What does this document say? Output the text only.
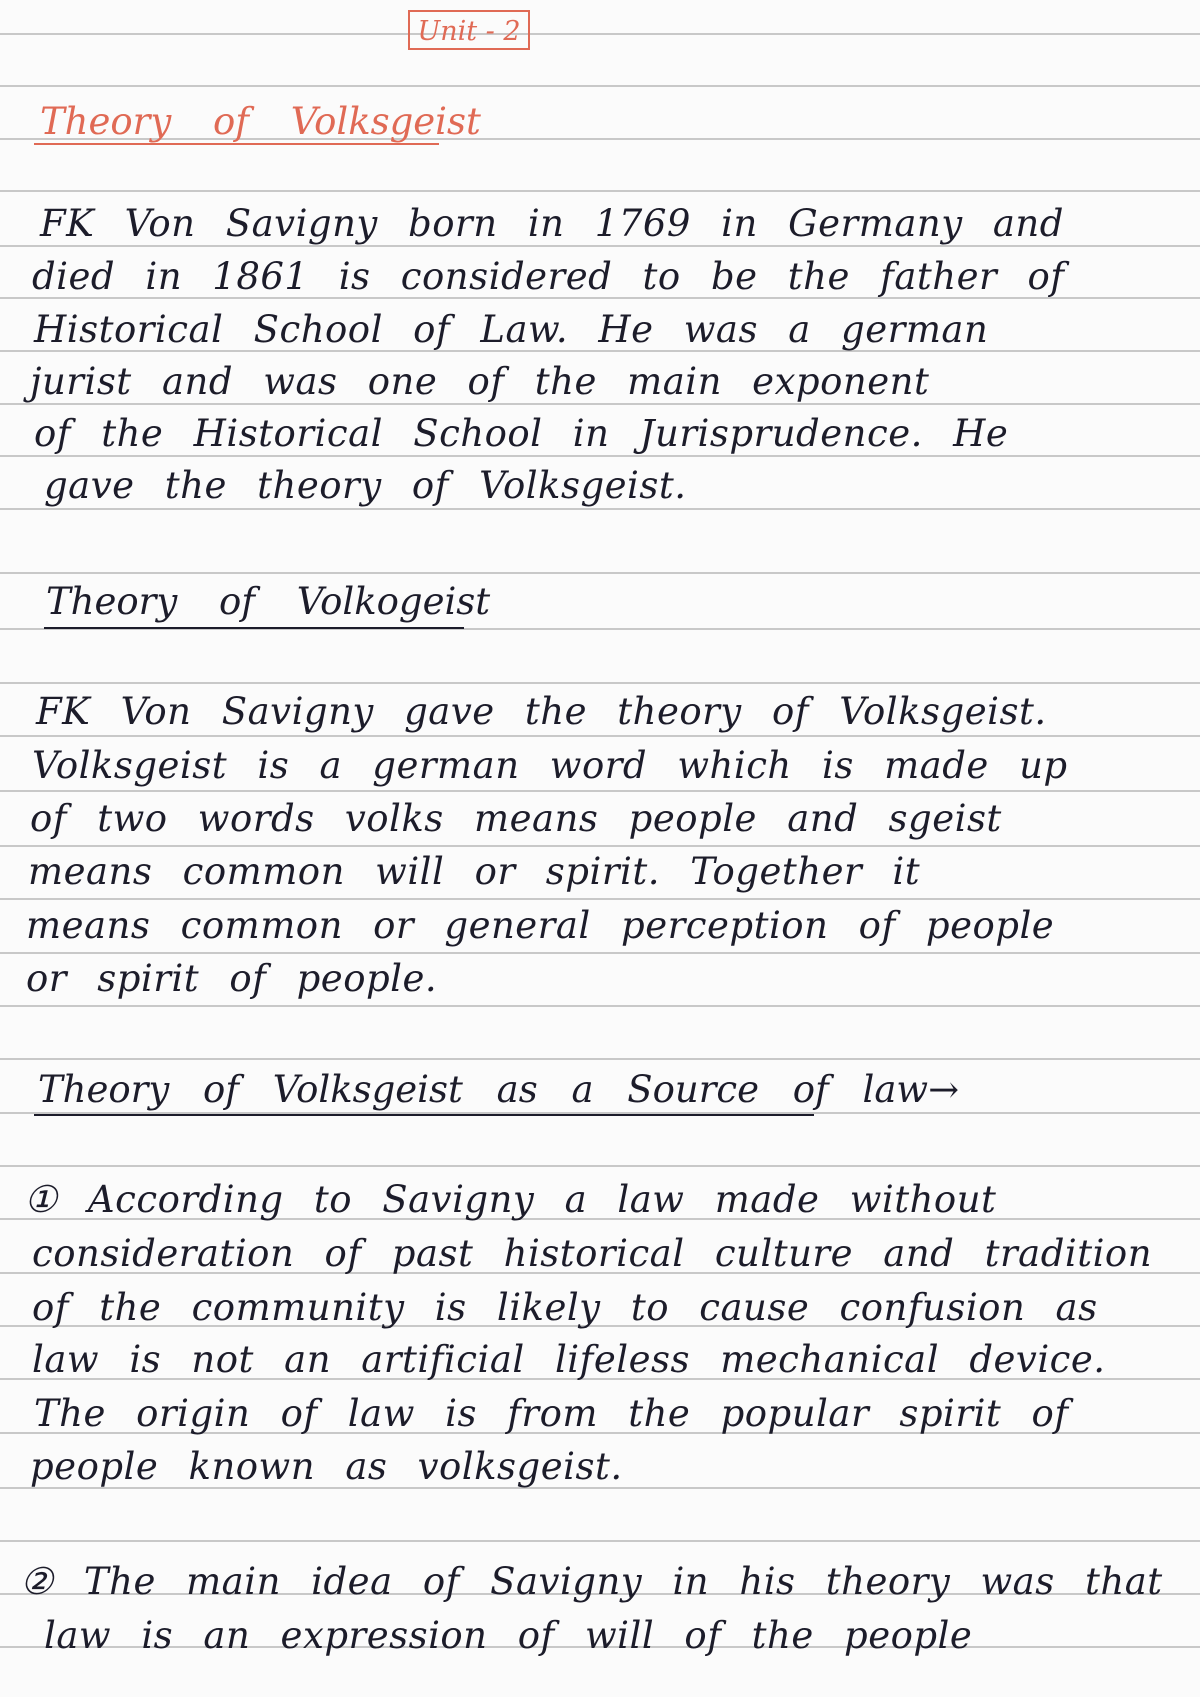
Unit - 2
Theory of Volksgeist
FK Von Savigny born in 1769 in Germany and
died in 1861 is considered to be the father of
Historical School of Law. He was a german
jurist and was one of the main exponent
of the Historical School in Jurisprudence. He
gave the theory of Volksgeist.
Theory of Volkogeist
FK Von Savigny gave the theory of Volksgeist.
Volksgeist is a german word which is made up
of two words volks means people and sgeist
means common will or spirit. Together it
means common or general perception of people
or spirit of people.
Theory of Volksgeist as a Source of law→
① According to Savigny a law made without
consideration of past historical culture and tradition
of the community is likely to cause confusion as
law is not an artificial lifeless mechanical device.
The origin of law is from the popular spirit of
people known as volksgeist.
② The main idea of Savigny in his theory was that
law is an expression of will of the people
